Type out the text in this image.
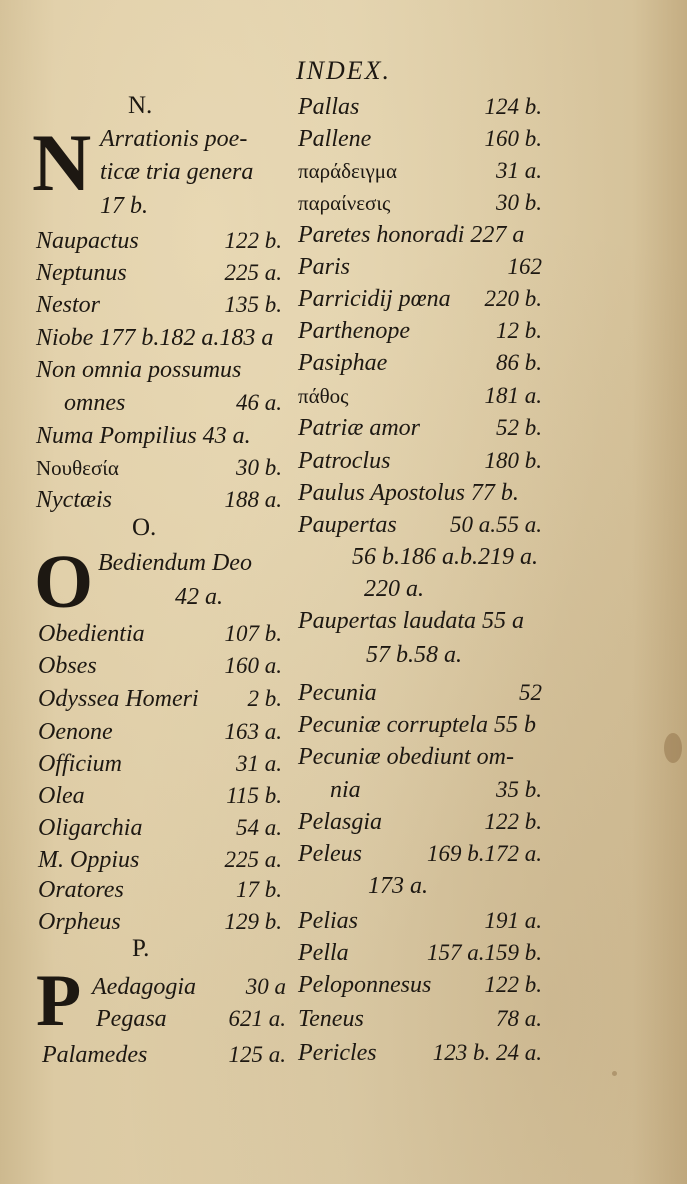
INDEX.
N.
N Arrationis poe-
ticæ tria genera
17 b.
Naupactus	122 b.
Neptunus	225 a.
Nestor	135 b.
Niobe 177 b.182 a.183 a
Non omnia possumus
omnes	46 a.
Numa Pompilius 43 a.
Νουθεσία	30 b.
Nyctæis	188 a.
O.
O Bediendum Deo
42 a.
Obedientia	107 b.
Obses	160 a.
Odyssea Homeri	2 b.
Oenone	163 a.
Officium	31 a.
Olea	115 b.
Oligarchia	54 a.
M. Oppius	225 a.
Oratores	17 b.
Orpheus	129 b.
P.
P Aedagogia	30 a
Pegasa	621 a.
Palamedes	125 a.
Pallas	124 b.
Pallene	160 b.
παράδειγμα	31 a.
παραίνεσις	30 b.
Paretes honoradi 227 a
Paris	162
Parricidij pœna	220 b.
Parthenope	12 b.
Pasiphae	86 b.
πάθος	181 a.
Patriæ amor	52 b.
Patroclus	180 b.
Paulus Apostolus 77 b.
Paupertas	50 a.55 a.
56 b.186 a.b.219 a.
220 a.
Paupertas laudata 55 a
57 b.58 a.
Pecunia	52
Pecuniæ corruptela 55 b
Pecuniæ obediunt om-
nia	35 b.
Pelasgia	122 b.
Peleus	169 b.172 a.
173 a.
Pelias	191 a.
Pella	157 a.159 b.
Peloponnesus	122 b.
Teneus	78 a.
Pericles	123 b. 24 a.
